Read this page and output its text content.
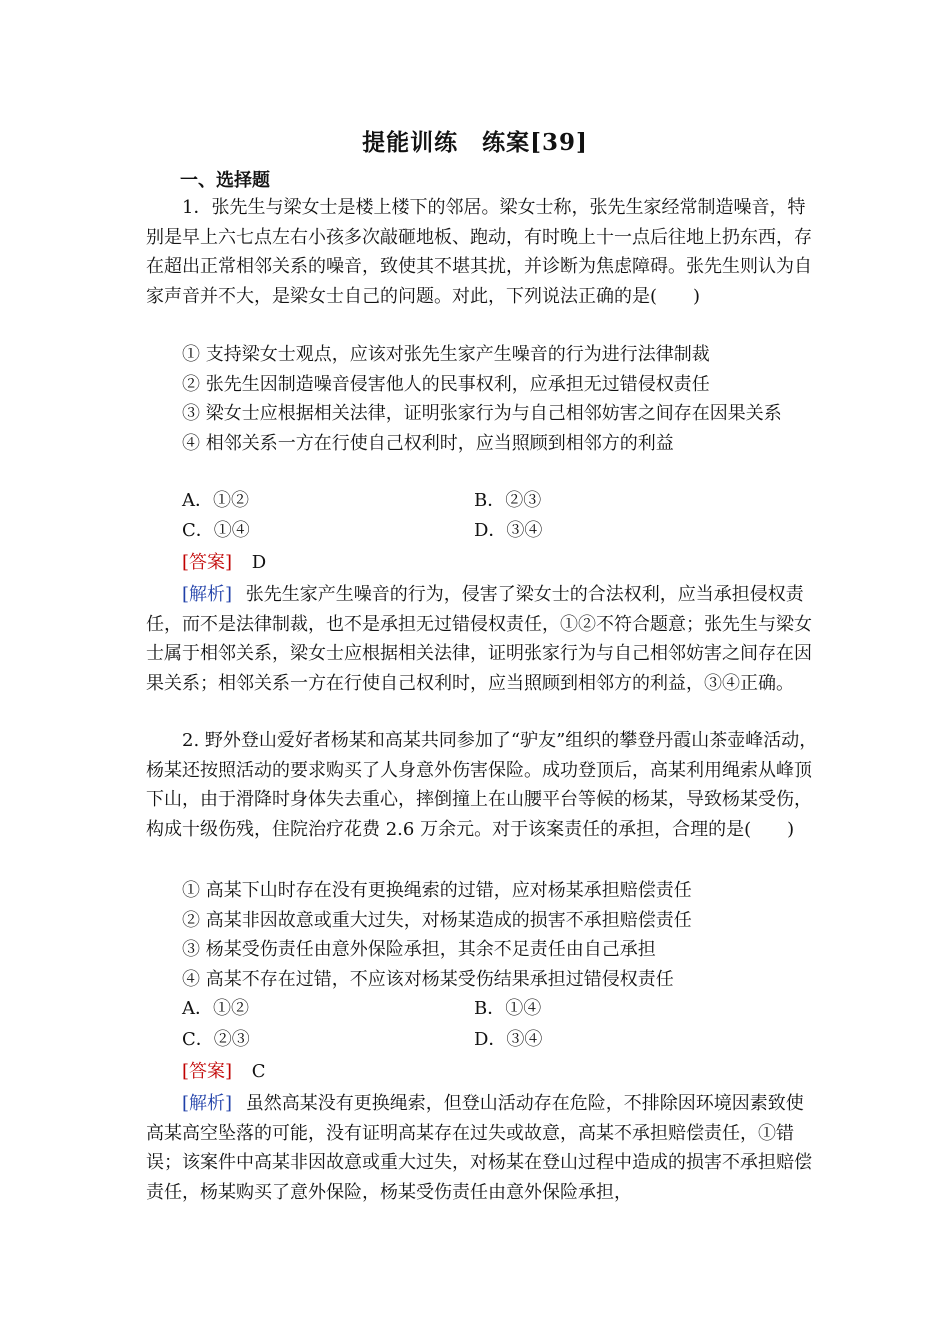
提能训练　练案[39]
一、选择题
1．张先生与梁女士是楼上楼下的邻居。梁女士称，张先生家经常制造噪音，特别是早上六七点左右小孩多次敲砸地板、跑动，有时晚上十一点后往地上扔东西，存在超出正常相邻关系的噪音，致使其不堪其扰，并诊断为焦虑障碍。张先生则认为自家声音并不大，是梁女士自己的问题。对此，下列说法正确的是(　　)

① 支持梁女士观点，应该对张先生家产生噪音的行为进行法律制裁

② 张先生因制造噪音侵害他人的民事权利，应承担无过错侵权责任

③ 梁女士应根据相关法律，证明张家行为与自己相邻妨害之间存在因果关系

④ 相邻关系一方在行使自己权利时，应当照顾到相邻方的利益

A．①②	B．②③
C．①④	D．③④
[答案] D
[解析] 张先生家产生噪音的行为，侵害了梁女士的合法权利，应当承担侵权责任，而不是法律制裁，也不是承担无过错侵权责任，①②不符合题意；张先生与梁女士属于相邻关系，梁女士应根据相关法律，证明张家行为与自己相邻妨害之间存在因果关系；相邻关系一方在行使自己权利时，应当照顾到相邻方的利益，③④正确。
2. 野外登山爱好者杨某和高某共同参加了“驴友”组织的攀登丹霞山茶壶峰活动，杨某还按照活动的要求购买了人身意外伤害保险。成功登顶后，高某利用绳索从峰顶下山，由于滑降时身体失去重心，摔倒撞上在山腰平台等候的杨某，导致杨某受伤，构成十级伤残，住院治疗花费 2.6 万余元。对于该案责任的承担，合理的是(　　)

① 高某下山时存在没有更换绳索的过错，应对杨某承担赔偿责任

② 高某非因故意或重大过失，对杨某造成的损害不承担赔偿责任

③ 杨某受伤责任由意外保险承担，其余不足责任由自己承担

④ 高某不存在过错，不应该对杨某受伤结果承担过错侵权责任

A．①②	B．①④
C．②③	D．③④
[答案] C
[解析] 虽然高某没有更换绳索，但登山活动存在危险，不排除因环境因素致使高某高空坠落的可能，没有证明高某存在过失或故意，高某不承担赔偿责任，①错误；该案件中高某非因故意或重大过失，对杨某在登山过程中造成的损害不承担赔偿责任，杨某购买了意外保险，杨某受伤责任由意外保险承担，
